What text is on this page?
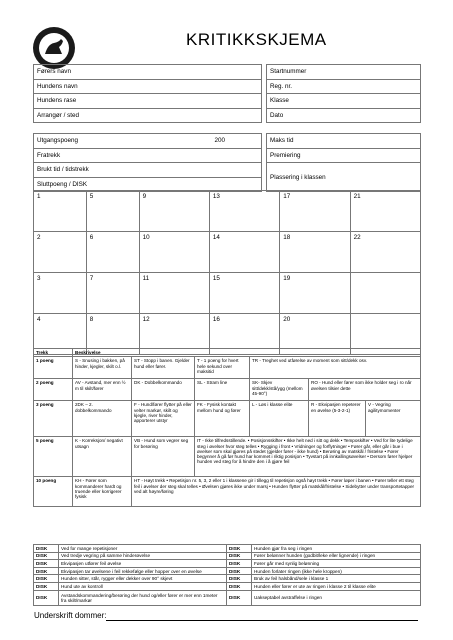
KRITIKKSKJEMA
Førers navn
Hundens navn
Hundens rase
Arrangør / sted
Startnummer
Reg. nr.
Klasse
Dato
Utgangspoeng	200

Fratrekk
Brukt tid / tidstrekk
Sluttpoeng / DISK
Maks tid
Premiering
Plassering i klassen
1	5	9	13	17	21
2	6	10	14	18	22
3	7	11	15	19	
4	8	12	16	20	
Trekk	Beskrivelse					
1 poeng	S - Snusing i bakken, på hinder, kjegler, skilt o.l.	ST - Stopp i banen. Gjelder hund eller fører.	T - 1 poeng for hvert hele sekund over maksitid	TR - Treghet ved utførelse av moment som sitt/dekk osv.		
2 poeng	AV - Avstand, mer enn ½ m til skilt/fører	DK - Dobbelkommando	SL - Stram line	SK- Skjev sitt/dekk/stå/ygg (mellom 45-90°)	RO - Hund eller fører som ikke holder seg i ro når øvelsen tilsier dette	
3 poeng	2DK – 2. dobbelkommando	F - Hund/fører flytter på eller velter markør, skilt og kjegle, river hinder, apporterer utstyr	FK - Fysisk kontakt mellom hund og fører	L - Løs i klasse elite	R - Ekvipasjen repeterer en øvelse (5-3-2-1)	V - Vegring agilitymomenter
5 poeng	K - Korreksjon/ negativt utsagn	VB - Hund som vegrer seg for berøring	IT - Ikke tilfredsstillende. • Posisjonsskifter • Ikke helt ned i sitt og dekk • Temposkifter • Ved for lite tydelige steg i øvelser hvor steg telles • Rygging i front • Vridninger og forflytninger • Fører går, eller går i bue i øvelser som skal gjøres på stedet (gjelder fører - ikke hund) • Berøring av matskål / fristelse • Fører begynner å gå før hund har kommet i riktig posisjon • Tyvstart på innkallingsøvelser • Dersom fører hjelper hunden ved steg for å hindre den i å gjøre feil			
10 poeng	KH - Fører som kommanderer hardt og truende eller korrigerer fysisk	HT - Høyt trekk • Repetisjon nr. 5, 3, 2 eller 1 i klassene gir i tillegg til repetisjon også høyt trekk • Fører løper i banen • Fører teller ett steg feil i øvelser der steg skal telles • Øvelsen gjøres ikke under marsj • Hunden flytter på matskål/fristelse • Sidebytter under transportetapper ved alt høyre/føring				
DISK	Ved for mange repetisjoner	DISK	Hunden gjør fra seg i ringen
DISK	Ved tredje vegring på samme hinderøvelse	DISK	Fører belønner hunden (godbit/leke eller lignende) i ringen
DISK	Ekvipasjen utfører feil øvelse	DISK	Fører går med synlig belønning
DISK	Ekvipasjen tar øvelsene i feil rekkefølge eller hopper over en øvelse	DISK	Hunden forlater ringen (ikke hele kroppen)
DISK	Hunden sitter, står, rygger eller dekker over 90° skjevt	DISK	Bruk av feil halsbånd/sele i klasse 1
DISK	Hund ute av kontroll	DISK	Hunden eller fører er ute av ringen i klasse 2 til klasse elite
DISK	Avstandskommandering/berøring der hund og/eller fører er mer enn 1meter fra skilt/markør	DISK	Uakseptabel avstraffelse i ringen
Underskrift dommer:
